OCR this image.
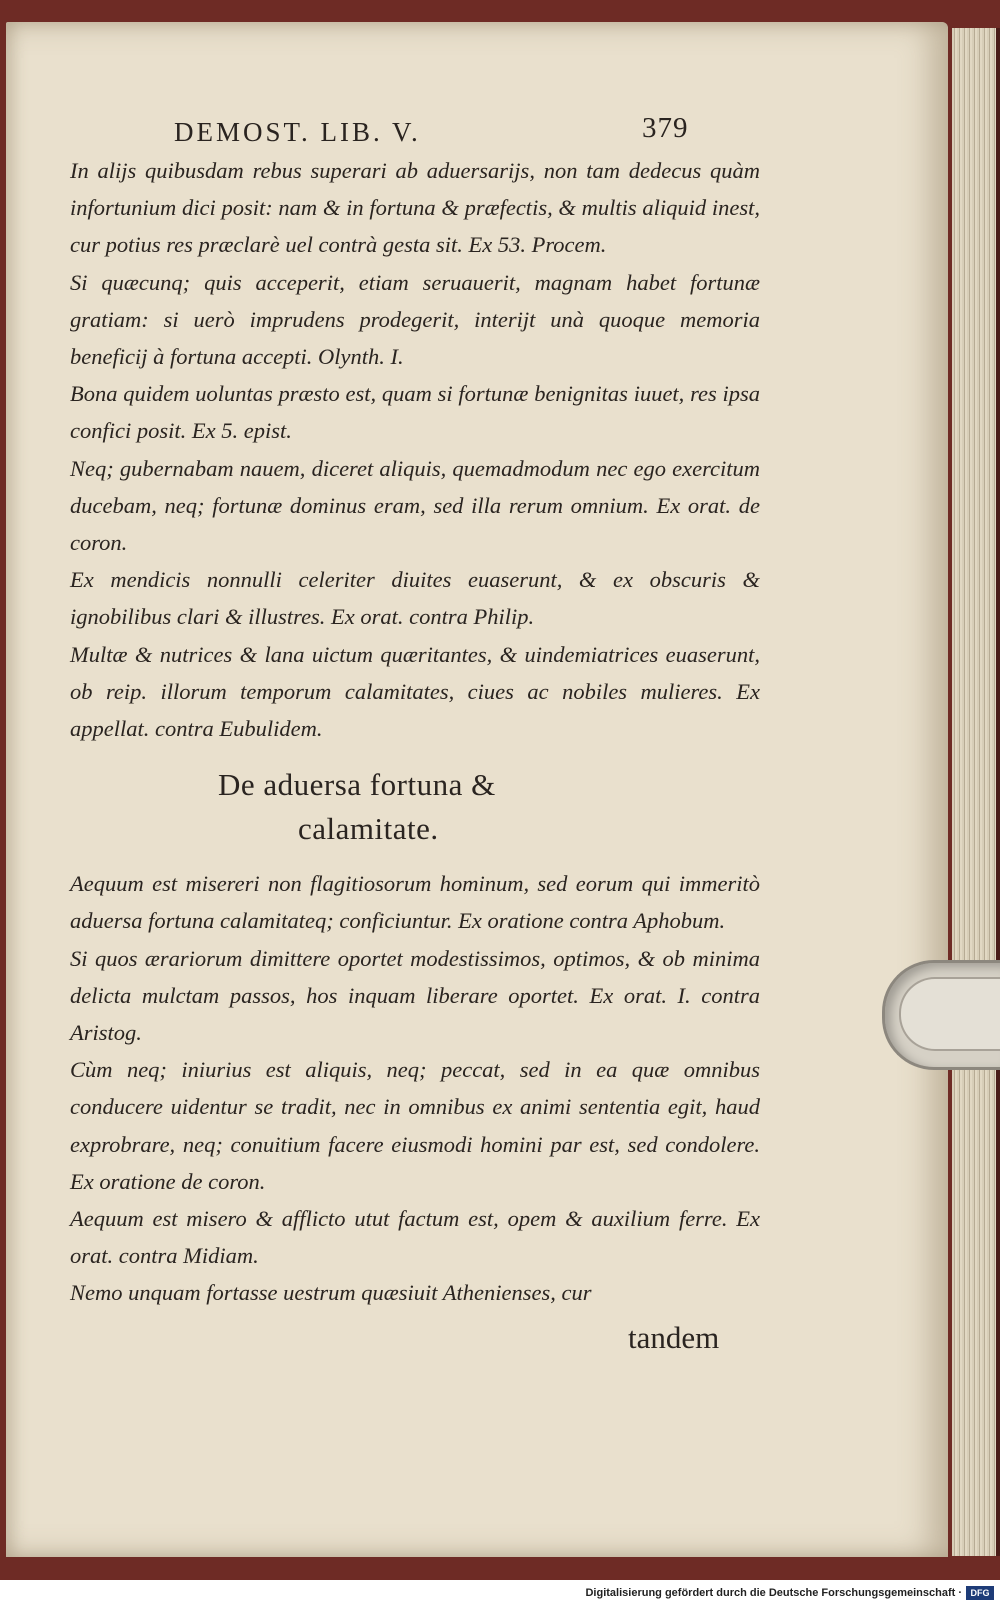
DEMOST. LIB. V.	379

In alijs quibusdam rebus superari ab aduersarijs, non tam dedecus quàm infortunium dici posit: nam & in fortuna & præfectis, & multis aliquid inest, cur potius res præclarè uel contrà gesta sit. Ex 53. Procem.

Si quæcunq; quis acceperit, etiam seruauerit, magnam habet fortunæ gratiam: si uerò imprudens prodegerit, interijt unà quoque memoria beneficij à fortuna accepti. Olynth. I.

Bona quidem uoluntas præsto est, quam si fortunæ benignitas iuuet, res ipsa confici posit. Ex 5. epist.

Neq; gubernabam nauem, diceret aliquis, quemadmodum nec ego exercitum ducebam, neq; fortunæ dominus eram, sed illa rerum omnium. Ex orat. de coron.

Ex mendicis nonnulli celeriter diuites euaserunt, & ex obscuris & ignobilibus clari & illustres. Ex orat. contra Philip.

Multæ & nutrices & lana uictum quæritantes, & uindemiatrices euaserunt, ob reip. illorum temporum calamitates, ciues ac nobiles mulieres. Ex appellat. contra Eubulidem.

De aduersa fortuna &
calamitate.

Aequum est misereri non flagitiosorum hominum, sed eorum qui immeritò aduersa fortuna calamitateq; conficiuntur. Ex oratione contra Aphobum.

Si quos ærariorum dimittere oportet modestissimos, optimos, & ob minima delicta mulctam passos, hos inquam liberare oportet. Ex orat. I. contra Aristog.

Cùm neq; iniurius est aliquis, neq; peccat, sed in ea quæ omnibus conducere uidentur se tradit, nec in omnibus ex animi sententia egit, haud exprobrare, neq; conuitium facere eiusmodi homini par est, sed condolere. Ex oratione de coron.

Aequum est misero & afflicto utut factum est, opem & auxilium ferre. Ex orat. contra Midiam.

Nemo unquam fortasse uestrum quæsiuit Athenienses, cur

tandem
Digitalisierung gefördert durch die Deutsche Forschungsgemeinschaft · DFG
